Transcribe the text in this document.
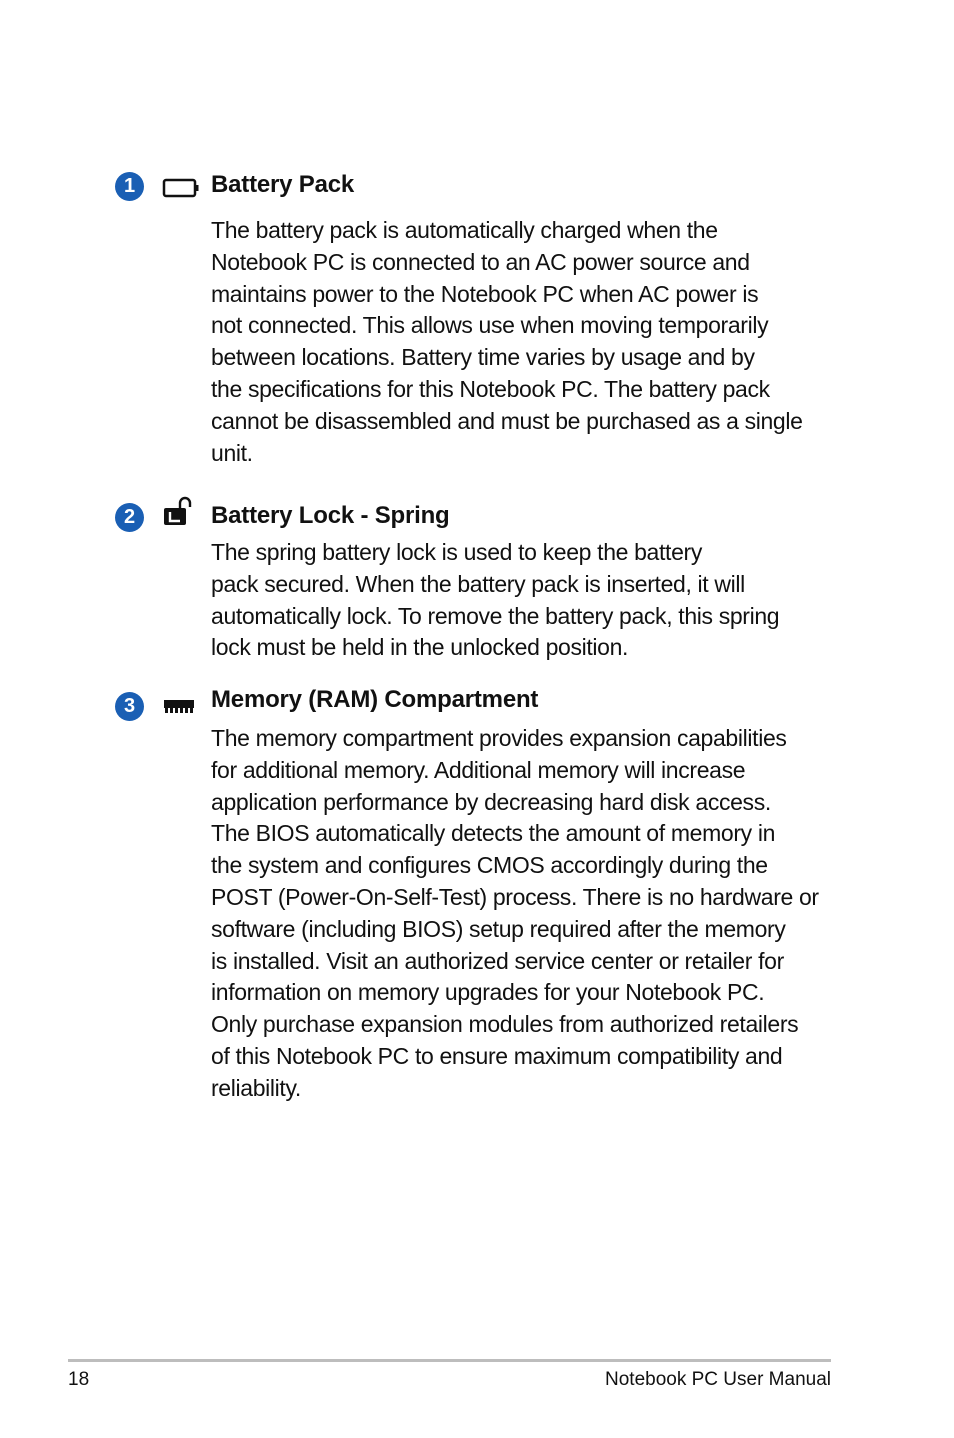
1	Battery Pack
The battery pack is automatically charged when the
Notebook PC is connected to an AC power source and
maintains power to the Notebook PC when AC power is
not connected. This allows use when moving temporarily
between locations. Battery time varies by usage and by
the specifications for this Notebook PC. The battery pack
cannot be disassembled and must be purchased as a single
unit.
2	Battery Lock - Spring
The spring battery lock is used to keep the battery
pack secured. When the battery pack is inserted, it will
automatically lock. To remove the battery pack, this spring
lock must be held in the unlocked position.
3	Memory (RAM) Compartment
The memory compartment provides expansion capabilities
for additional memory. Additional memory will increase
application performance by decreasing hard disk access.
The BIOS automatically detects the amount of memory in
the system and configures CMOS accordingly during the
POST (Power-On-Self-Test) process. There is no hardware or
software (including BIOS) setup required after the memory
is installed. Visit an authorized service center or retailer for
information on memory upgrades for your Notebook PC.
Only purchase expansion modules from authorized retailers
of this Notebook PC to ensure maximum compatibility and
reliability.
18	Notebook PC User Manual
